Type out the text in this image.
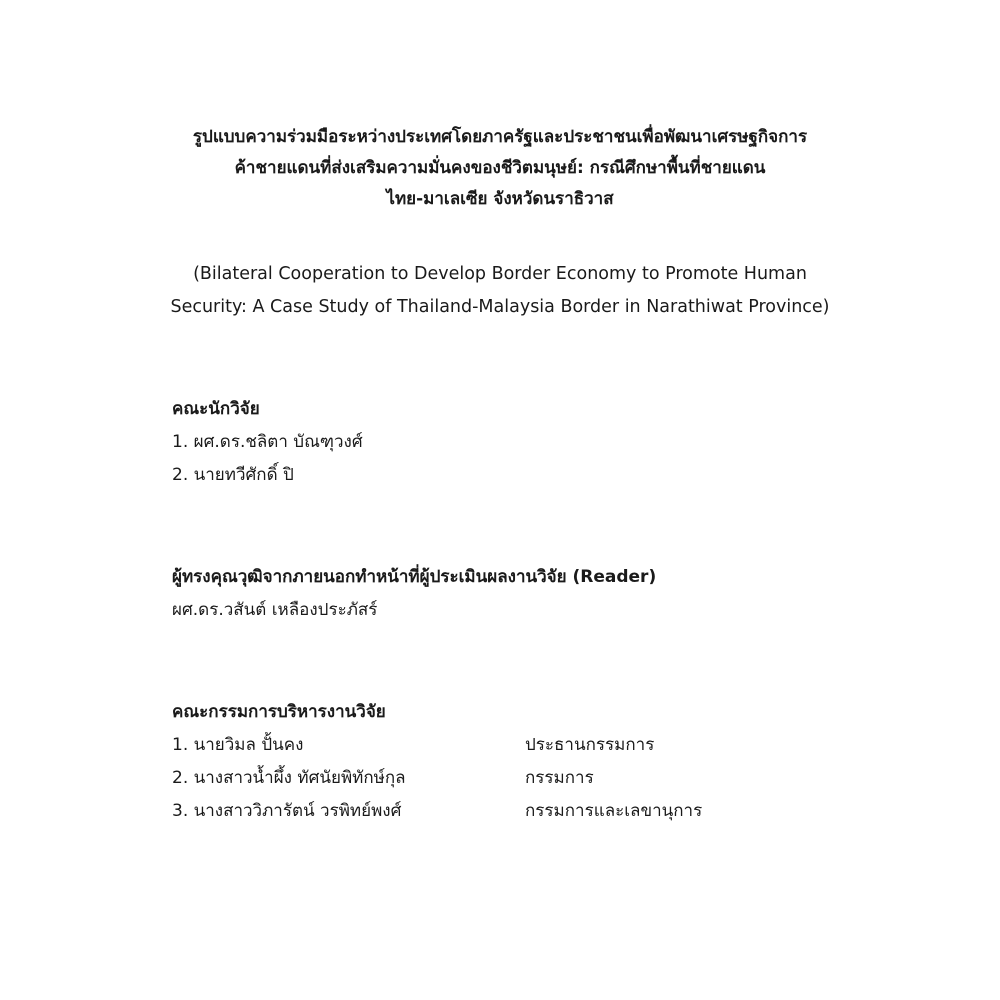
รูปแบบความร่วมมือระหว่างประเทศโดยภาครัฐและประชาชนเพื่อพัฒนาเศรษฐกิจการ
ค้าชายแดนที่ส่งเสริมความมั่นคงของชีวิตมนุษย์: กรณีศึกษาพื้นที่ชายแดน
ไทย-มาเลเซีย จังหวัดนราธิวาส
(Bilateral Cooperation to Develop Border Economy to Promote Human
Security: A Case Study of Thailand-Malaysia Border in Narathiwat Province)
คณะนักวิจัย
1. ผศ.ดร.ชลิตา บัณฑุวงศ์
2. นายทวีศักดิ์ ปิ
ผู้ทรงคุณวุฒิจากภายนอกทำหน้าที่ผู้ประเมินผลงานวิจัย (Reader)
ผศ.ดร.วสันต์ เหลืองประภัสร์
คณะกรรมการบริหารงานวิจัย
1. นายวิมล ปั้นคง	ประธานกรรมการ
2. นางสาวน้ำผึ้ง ทัศนัยพิทักษ์กุล	กรรมการ
3. นางสาววิภารัตน์ วรพิทย์พงศ์	กรรมการและเลขานุการ
